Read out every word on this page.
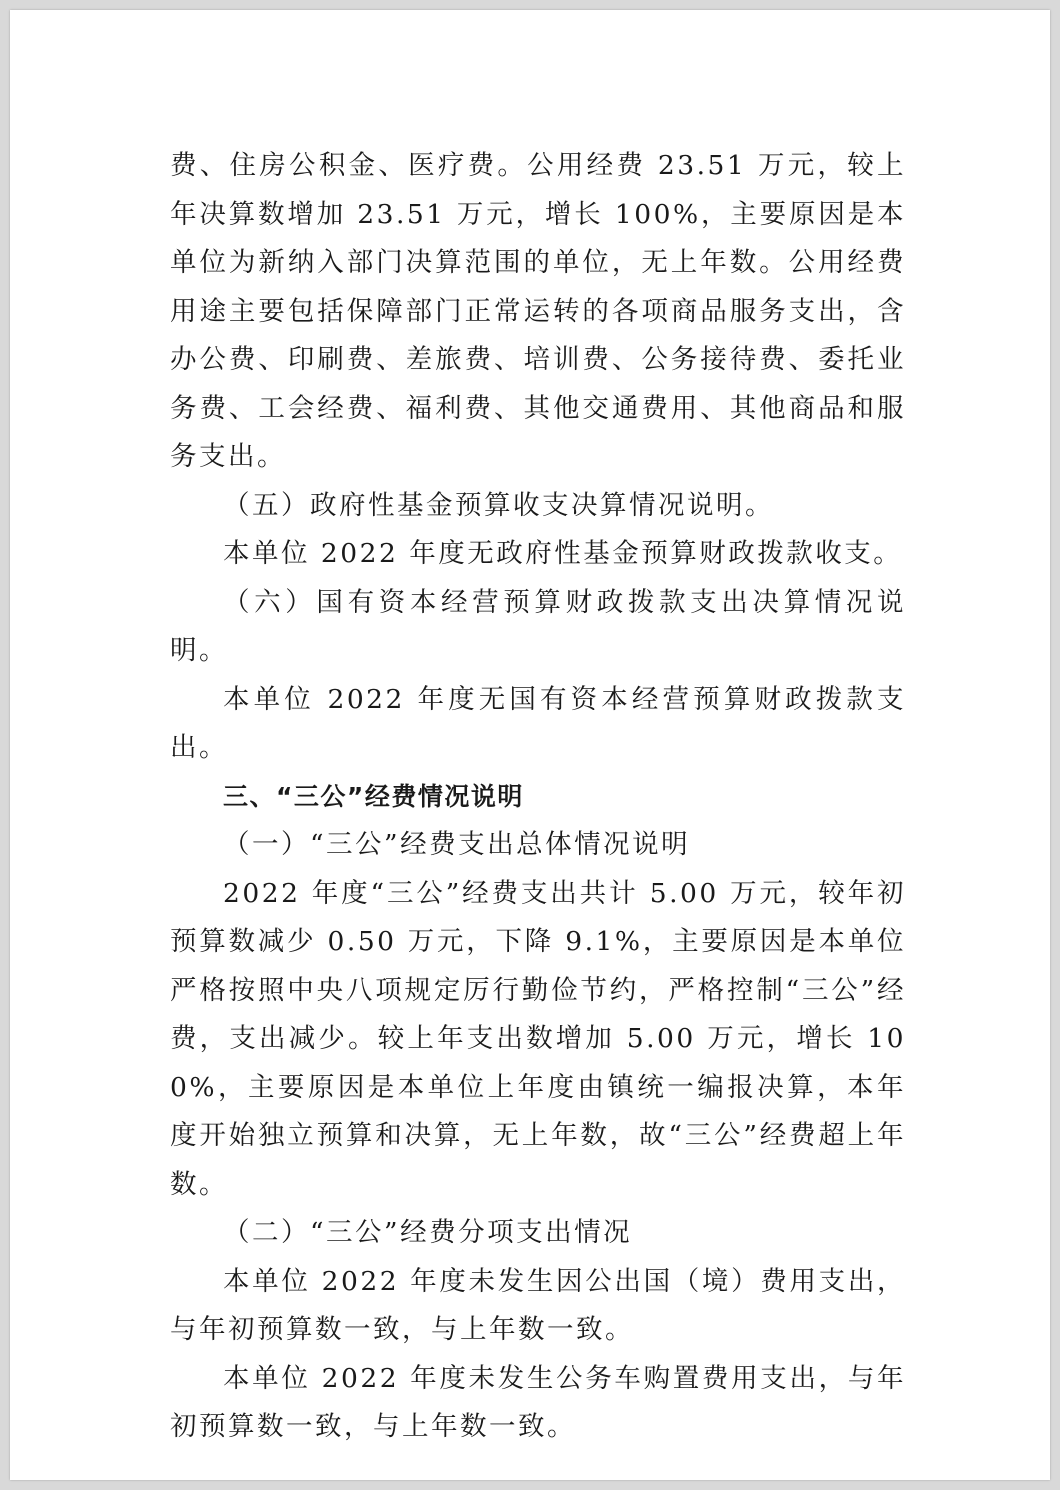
费、住房公积金、医疗费。公用经费 23.51 万元，较上年决算数增加 23.51 万元，增长 100%，主要原因是本单位为新纳入部门决算范围的单位，无上年数。公用经费用途主要包括保障部门正常运转的各项商品服务支出，含办公费、印刷费、差旅费、培训费、公务接待费、委托业务费、工会经费、福利费、其他交通费用、其他商品和服务支出。

（五）政府性基金预算收支决算情况说明。

本单位 2022 年度无政府性基金预算财政拨款收支。

（六）国有资本经营预算财政拨款支出决算情况说明。

本单位 2022 年度无国有资本经营预算财政拨款支出。

三、“三公”经费情况说明

（一）“三公”经费支出总体情况说明

2022 年度“三公”经费支出共计 5.00 万元，较年初预算数减少 0.50 万元，下降 9.1%，主要原因是本单位严格按照中央八项规定厉行勤俭节约，严格控制“三公”经费，支出减少。较上年支出数增加 5.00 万元，增长 100%，主要原因是本单位上年度由镇统一编报决算，本年度开始独立预算和决算，无上年数，故“三公”经费超上年数。

（二）“三公”经费分项支出情况

本单位 2022 年度未发生因公出国（境）费用支出，与年初预算数一致，与上年数一致。

本单位 2022 年度未发生公务车购置费用支出，与年初预算数一致，与上年数一致。
